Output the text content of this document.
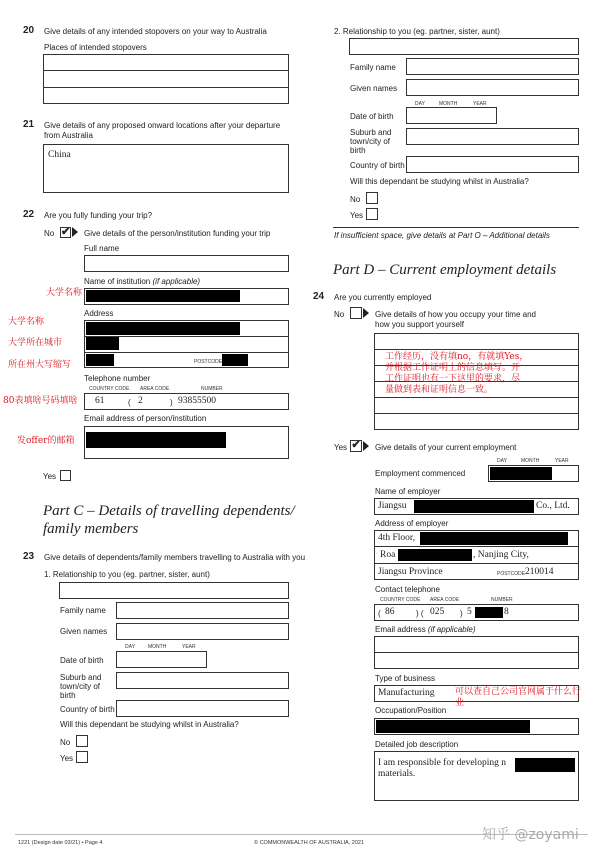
20 Give details of any intended stopovers on your way to Australia
Places of intended stopovers
21 Give details of any proposed onward locations after your departure
from Australia
China
22 Are you fully funding your trip?
No ✔ Give details of the person/institution funding your trip
Full name
Name of institution (if applicable)
大学名称
Address
POSTCODE
大学名称
大学所在城市
所在州大写缩写
Telephone number
COUNTRY CODE AREA CODE	NUMBER
61	( 2	) 93855500
80表填啥号码填啥
Email address of person/institution
发offer的邮箱
Yes
Part C – Details of travelling dependents/
family members
23 Give details of dependents/family members travelling to Australia with you
1. Relationship to you (eg. partner, sister, aunt)
Family name
Given names
DAY	MONTH	YEAR
Date of birth
Suburb and
town/city of
birth
Country of birth
Will this dependant be studying whilst in Australia?
No
Yes
2. Relationship to you (eg. partner, sister, aunt)
Family name
Given names
DAY	MONTH	YEAR
Date of birth
Suburb and
town/city of
birth
Country of birth
Will this dependant be studying whilst in Australia?
No
Yes
If insufficient space, give details at Part O – Additional details
Part D – Current employment details
24 Are you currently employed
No	Give details of how you occupy your time and
how you support yourself
工作经历，没有填no，有就填Yes，
并根据工作证明上的信息填写。开
工作证明也有一下这里的要求，尽
量做到表和证明信息一致。
Yes ✔ Give details of your current employment
DAY	MONTH	YEAR
Employment commenced
Name of employer
Jiangsu	Co., Ltd.
Address of employer
4th Floor,
Roa	, Nanjing City,
Jiangsu Province	POSTCODE 210014
Contact telephone
COUNTRY CODE AREA CODE	NUMBER
( 86	) ( 025 ) 5	8
Email address (if applicable)
Type of business
Manufacturing 可以查自己公司官网属于什么行
业
Occupation/Position
Detailed job description
I am responsible for developing n
materials.
1221 (Design date 03/21) • Page 4	© COMMONWEALTH OF AUSTRALIA, 2021	知乎 @zoyami
